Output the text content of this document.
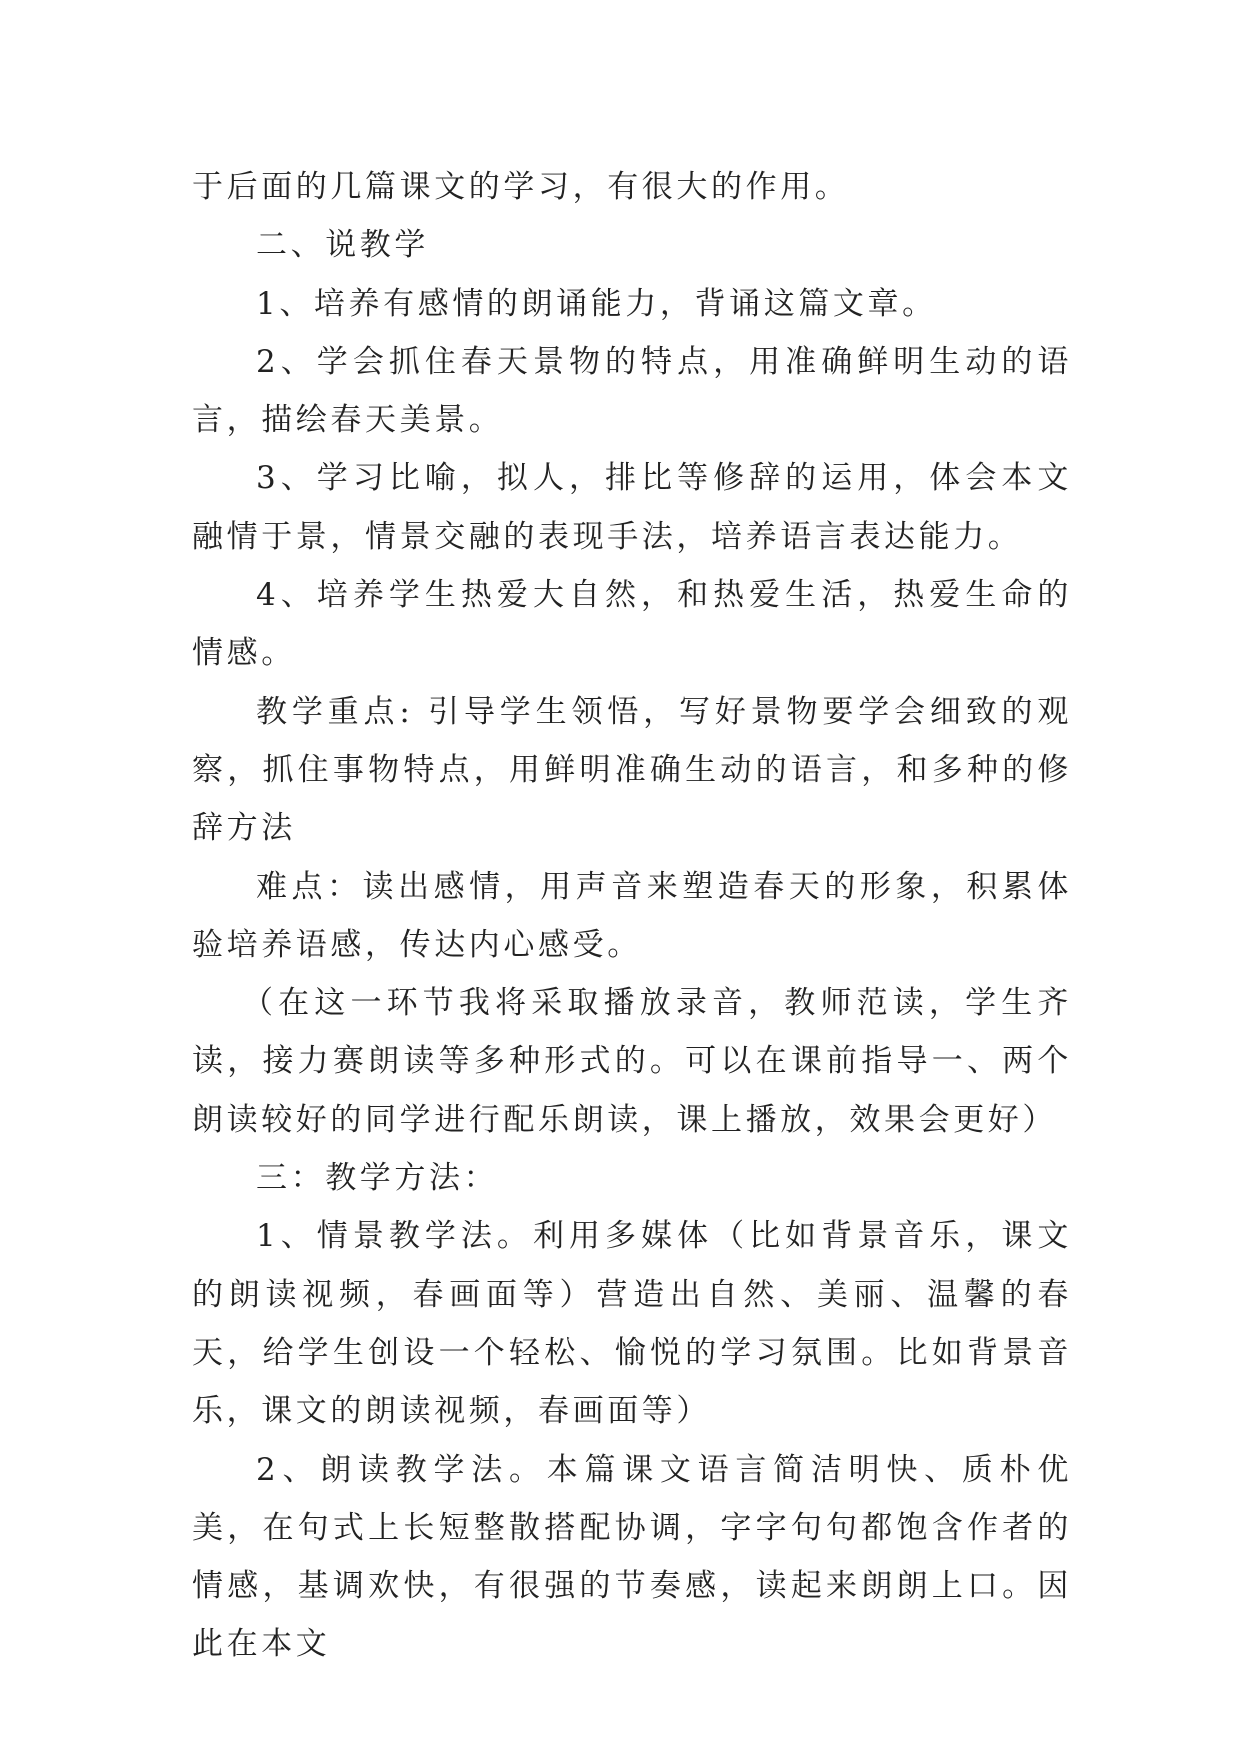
于后面的几篇课文的学习，有很大的作用。

二、说教学

1、培养有感情的朗诵能力，背诵这篇文章。

2、学会抓住春天景物的特点，用准确鲜明生动的语言，描绘春天美景。

3、学习比喻，拟人，排比等修辞的运用，体会本文融情于景，情景交融的表现手法，培养语言表达能力。

4、培养学生热爱大自然，和热爱生活，热爱生命的情感。

教学重点: 引导学生领悟，写好景物要学会细致的观察，抓住事物特点，用鲜明准确生动的语言，和多种的修辞方法

难点：读出感情，用声音来塑造春天的形象，积累体验培养语感，传达内心感受。

（在这一环节我将采取播放录音，教师范读，学生齐读，接力赛朗读等多种形式的。可以在课前指导一、两个朗读较好的同学进行配乐朗读，课上播放，效果会更好）

三：教学方法：

1、情景教学法。利用多媒体（比如背景音乐，课文的朗读视频，春画面等）营造出自然、美丽、温馨的春天，给学生创设一个轻松、愉悦的学习氛围。比如背景音乐，课文的朗读视频，春画面等）

2、朗读教学法。本篇课文语言简洁明快、质朴优美，在句式上长短整散搭配协调，字字句句都饱含作者的情感，基调欢快，有很强的节奏感，读起来朗朗上口。因此在本文
